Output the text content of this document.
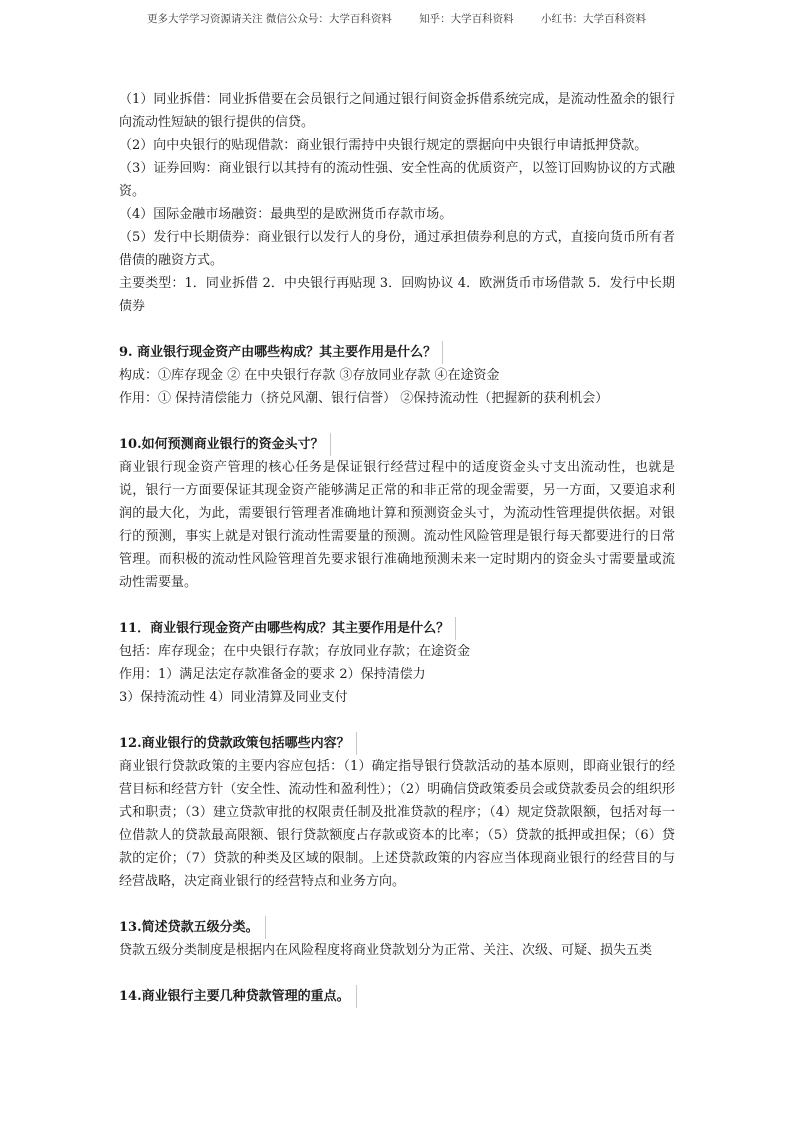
更多大学学习资源请关注 微信公众号：大学百科资料	知乎：大学百科资料	小红书：大学百科资料

（1）同业拆借：同业拆借要在会员银行之间通过银行间资金拆借系统完成，是流动性盈余的银行向流动性短缺的银行提供的信贷。

（2）向中央银行的贴现借款：商业银行需持中央银行规定的票据向中央银行申请抵押贷款。

（3）证券回购：商业银行以其持有的流动性强、安全性高的优质资产，以签订回购协议的方式融资。

（4）国际金融市场融资：最典型的是欧洲货币存款市场。

（5）发行中长期债券：商业银行以发行人的身份，通过承担债券利息的方式，直接向货币所有者借债的融资方式。

主要类型：1．同业拆借 2．中央银行再贴现 3．回购协议 4．欧洲货币市场借款 5．发行中长期债券

9. 商业银行现金资产由哪些构成？其主要作用是什么？

构成：①库存现金 ② 在中央银行存款 ③存放同业存款 ④在途资金

作用：① 保持清偿能力（挤兑风潮、银行信誉） ②保持流动性（把握新的获利机会）

10.如何预测商业银行的资金头寸？

商业银行现金资产管理的核心任务是保证银行经营过程中的适度资金头寸支出流动性，也就是说，银行一方面要保证其现金资产能够满足正常的和非正常的现金需要，另一方面，又要追求利润的最大化，为此，需要银行管理者准确地计算和预测资金头寸，为流动性管理提供依据。对银行的预测，事实上就是对银行流动性需要量的预测。流动性风险管理是银行每天都要进行的日常管理。而积极的流动性风险管理首先要求银行准确地预测未来一定时期内的资金头寸需要量或流动性需要量。

11．商业银行现金资产由哪些构成？其主要作用是什么？

包括：库存现金；在中央银行存款；存放同业存款；在途资金

作用：1）满足法定存款准备金的要求 2）保持清偿力

3）保持流动性 4）同业清算及同业支付

12.商业银行的贷款政策包括哪些内容？

商业银行贷款政策的主要内容应包括：（1）确定指导银行贷款活动的基本原则，即商业银行的经营目标和经营方针（安全性、流动性和盈利性）；（2）明确信贷政策委员会或贷款委员会的组织形式和职责；（3）建立贷款审批的权限责任制及批准贷款的程序；（4）规定贷款限额，包括对每一位借款人的贷款最高限额、银行贷款额度占存款或资本的比率；（5）贷款的抵押或担保；（6）贷款的定价；（7）贷款的种类及区域的限制。上述贷款政策的内容应当体现商业银行的经营目的与经营战略，决定商业银行的经营特点和业务方向。

13.简述贷款五级分类。

贷款五级分类制度是根据内在风险程度将商业贷款划分为正常、关注、次级、可疑、损失五类

14.商业银行主要几种贷款管理的重点。
